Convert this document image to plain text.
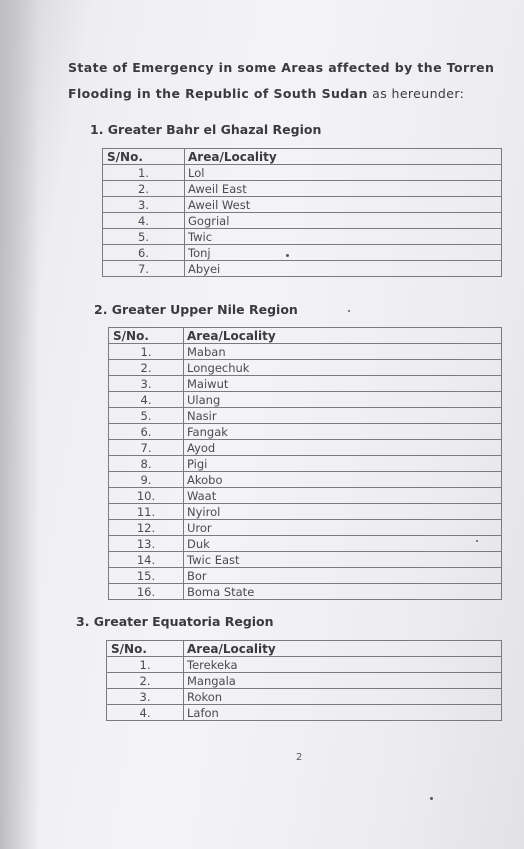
State of Emergency in some Areas affected by the Torren
Flooding in the Republic of South Sudan as hereunder:
1. Greater Bahr el Ghazal Region
S/No.	Area/Locality
1.	Lol
2.	Aweil East
3.	Aweil West
4.	Gogrial
5.	Twic
6.	Tonj
7.	Abyei
2. Greater Upper Nile Region
S/No.	Area/Locality
1.	Maban
2.	Longechuk
3.	Maiwut
4.	Ulang
5.	Nasir
6.	Fangak
7.	Ayod
8.	Pigi
9.	Akobo
10.	Waat
11.	Nyirol
12.	Uror
13.	Duk
14.	Twic East
15.	Bor
16.	Boma State
3. Greater Equatoria Region
S/No.	Area/Locality
1.	Terekeka
2.	Mangala
3.	Rokon
4.	Lafon
2
